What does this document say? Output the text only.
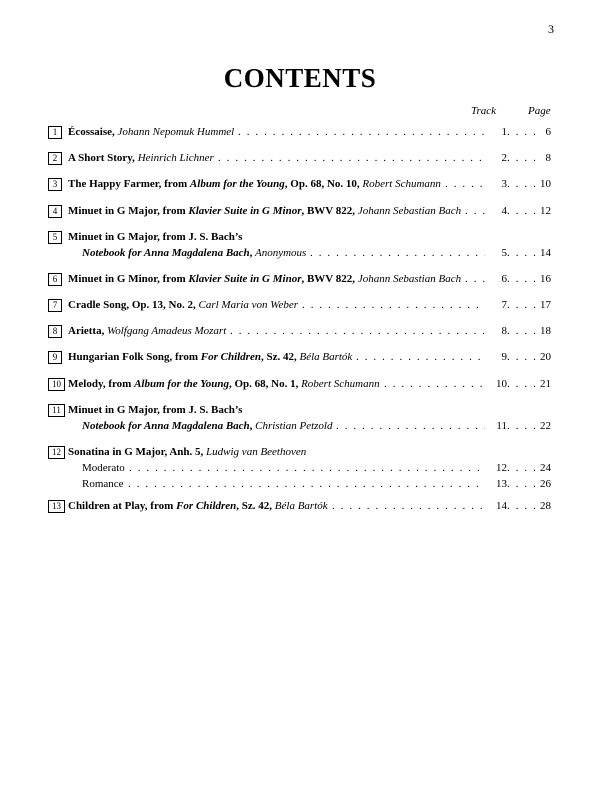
3
CONTENTS
Track	Page
1 Écossaise, Johann Nepomuk Hummel . . .	1 . . .	6
2 A Short Story, Heinrich Lichner . . .	2 . . .	8
3 The Happy Farmer, from Album for the Young, Op. 68, No. 10, Robert Schumann . . .	3 . . .	10
4 Minuet in G Major, from Klavier Suite in G Minor, BWV 822, Johann Sebastian Bach . . .	4 . . .	12
5 Minuet in G Major, from J. S. Bach’s
Notebook for Anna Magdalena Bach, Anonymous . . .	5 . . .	14
6 Minuet in G Minor, from Klavier Suite in G Minor, BWV 822, Johann Sebastian Bach . . .	6 . . .	16
7 Cradle Song, Op. 13, No. 2, Carl Maria von Weber . . .	7 . . .	17
8 Arietta, Wolfgang Amadeus Mozart . . .	8 . . .	18
9 Hungarian Folk Song, from For Children, Sz. 42, Béla Bartók . . .	9 . . .	20
10 Melody, from Album for the Young, Op. 68, No. 1, Robert Schumann . . .	10 . . .	21
11 Minuet in G Major, from J. S. Bach’s
Notebook for Anna Magdalena Bach, Christian Petzold . . .	11 . . .	22
12 Sonatina in G Major, Anh. 5, Ludwig van Beethoven
Moderato . . .	12 . . .	24
Romance . . .	13 . . .	26
13 Children at Play, from For Children, Sz. 42, Béla Bartók . . .	14 . . .	28
